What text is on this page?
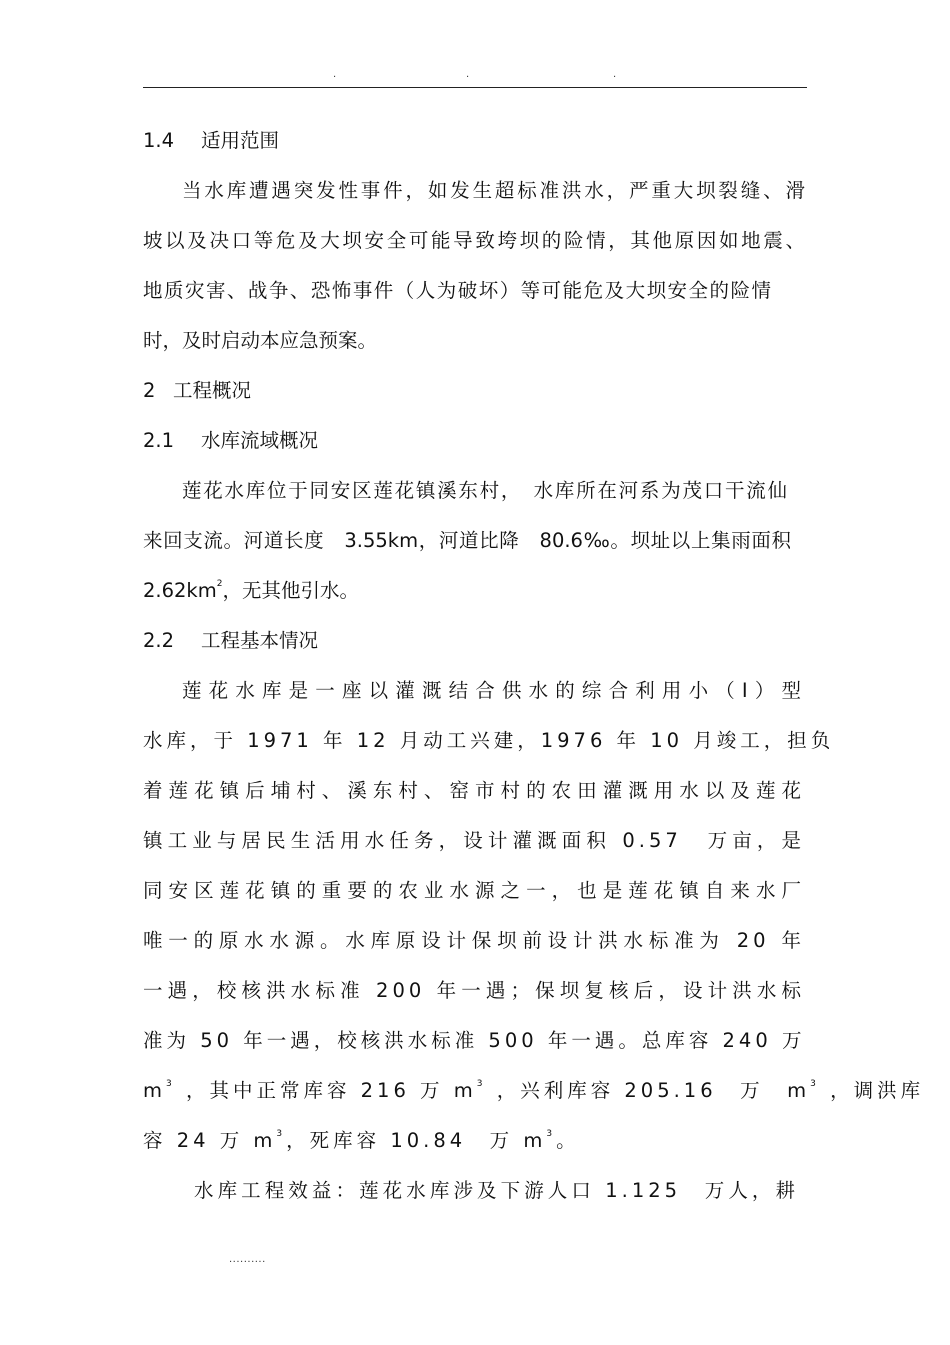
.	.	.
1.4 适用范围
当水库遭遇突发性事件，如发生超标准洪水，严重大坝裂缝、滑
坡以及决口等危及大坝安全可能导致垮坝的险情，其他原因如地震、
地质灾害、战争、恐怖事件（人为破坏）等可能危及大坝安全的险情
时，及时启动本应急预案。
2 工程概况
2.1 水库流域概况
莲花水库位于同安区莲花镇溪东村，　水库所在河系为茂口干流仙
来回支流。河道长度　3.55km，河道比降　80.6‰。坝址以上集雨面积
$2.62km^2$，无其他引水。
2.2 工程基本情况
莲花水库是一座以灌溉结合供水的综合利用小（Ⅰ）型
水库，于 1971 年 12 月动工兴建，1976 年 10 月竣工，担负
着莲花镇后埔村、溪东村、窑市村的农田灌溉用水以及莲花
镇工业与居民生活用水任务，设计灌溉面积 0.57　万亩，是
同安区莲花镇的重要的农业水源之一，也是莲花镇自来水厂
唯一的原水水源。水库原设计保坝前设计洪水标准为 20 年
一遇，校核洪水标准 200 年一遇；保坝复核后，设计洪水标
准为 50 年一遇，校核洪水标准 500 年一遇。总库容 240 万
$m^3$ ，其中正常库容 216 万 $m^3$ ，兴利库容 205.16　万　$m^3$ ，调洪库
容 24 万 $m^3$，死库容 10.84　万 $m^3$。
水库工程效益：莲花水库涉及下游人口 1.125　万人，耕
..........
